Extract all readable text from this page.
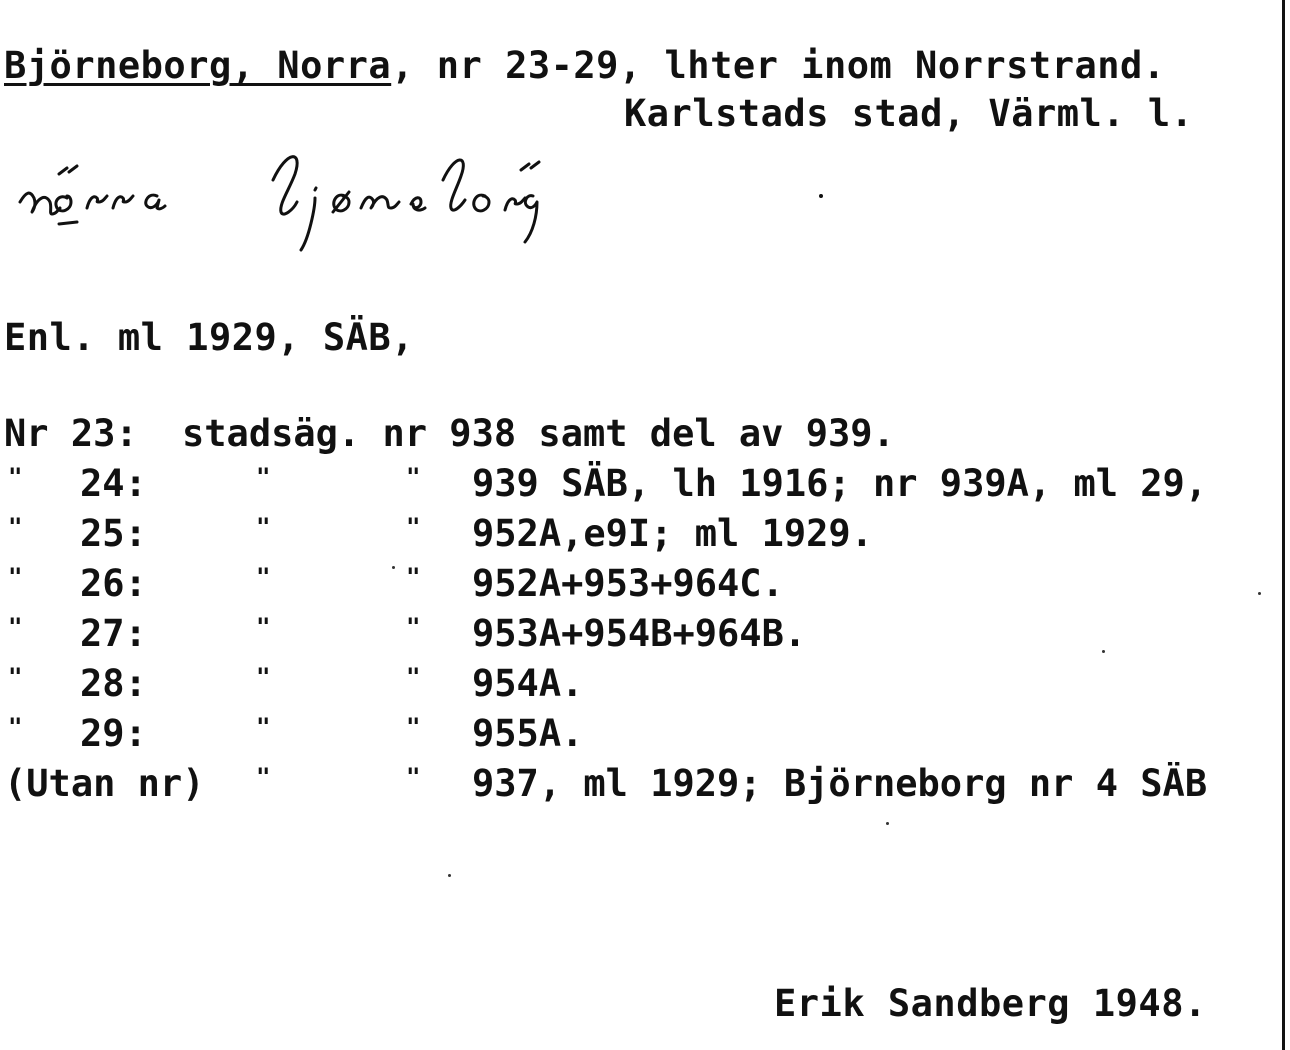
Björneborg, Norra, nr 23-29, lhter inom Norrstrand.
Karlstads stad, Värml. l.
Enl. ml 1929, SÄB,
Nr 23: stadsäg. nr 938 samt del av 939.
" 24:	"	" 939 SÄB, lh 1916; nr 939A, ml 29,
" 25:	"	" 952A,e9I; ml 1929.
" 26:	"	" 952A+953+964C.
" 27:	"	" 953A+954B+964B.
" 28:	"	" 954A.
" 29:	"	" 955A.
(Utan nr) "	" 937, ml 1929; Björneborg nr 4 SÄB
Erik Sandberg 1948.
